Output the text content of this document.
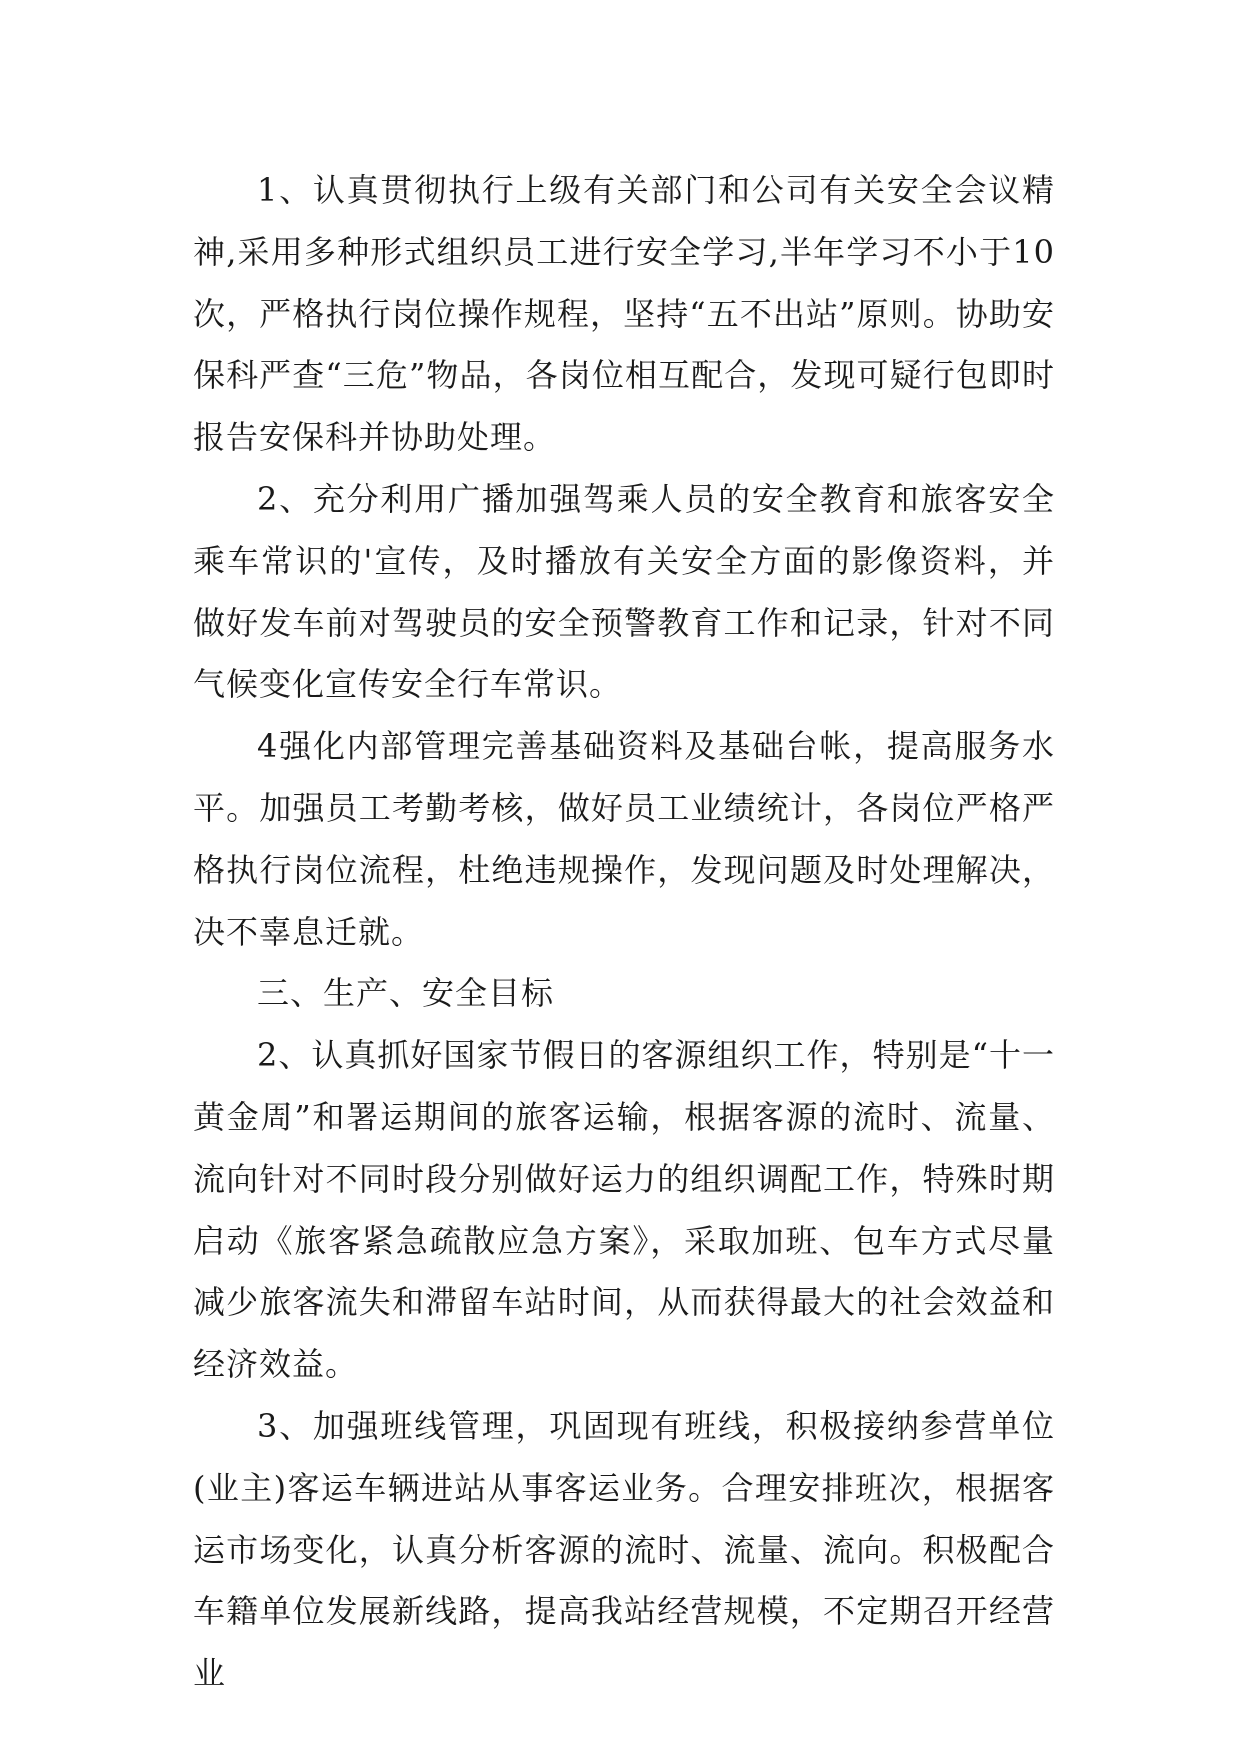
1、认真贯彻执行上级有关部门和公司有关安全会议精神,采用多种形式组织员工进行安全学习,半年学习不小于10次，严格执行岗位操作规程，坚持“五不出站”原则。协助安保科严查“三危”物品，各岗位相互配合，发现可疑行包即时报告安保科并协助处理。

2、充分利用广播加强驾乘人员的安全教育和旅客安全乘车常识的'宣传，及时播放有关安全方面的影像资料，并做好发车前对驾驶员的安全预警教育工作和记录，针对不同气候变化宣传安全行车常识。

4强化内部管理完善基础资料及基础台帐，提高服务水平。加强员工考勤考核，做好员工业绩统计，各岗位严格严格执行岗位流程，杜绝违规操作，发现问题及时处理解决，决不辜息迁就。

三、生产、安全目标

2、认真抓好国家节假日的客源组织工作，特别是“十一黄金周”和署运期间的旅客运输，根据客源的流时、流量、流向针对不同时段分别做好运力的组织调配工作，特殊时期启动《旅客紧急疏散应急方案》，采取加班、包车方式尽量减少旅客流失和滞留车站时间，从而获得最大的社会效益和经济效益。

3、加强班线管理，巩固现有班线，积极接纳参营单位(业主)客运车辆进站从事客运业务。合理安排班次，根据客运市场变化，认真分析客源的流时、流量、流向。积极配合车籍单位发展新线路，提高我站经营规模，不定期召开经营业
